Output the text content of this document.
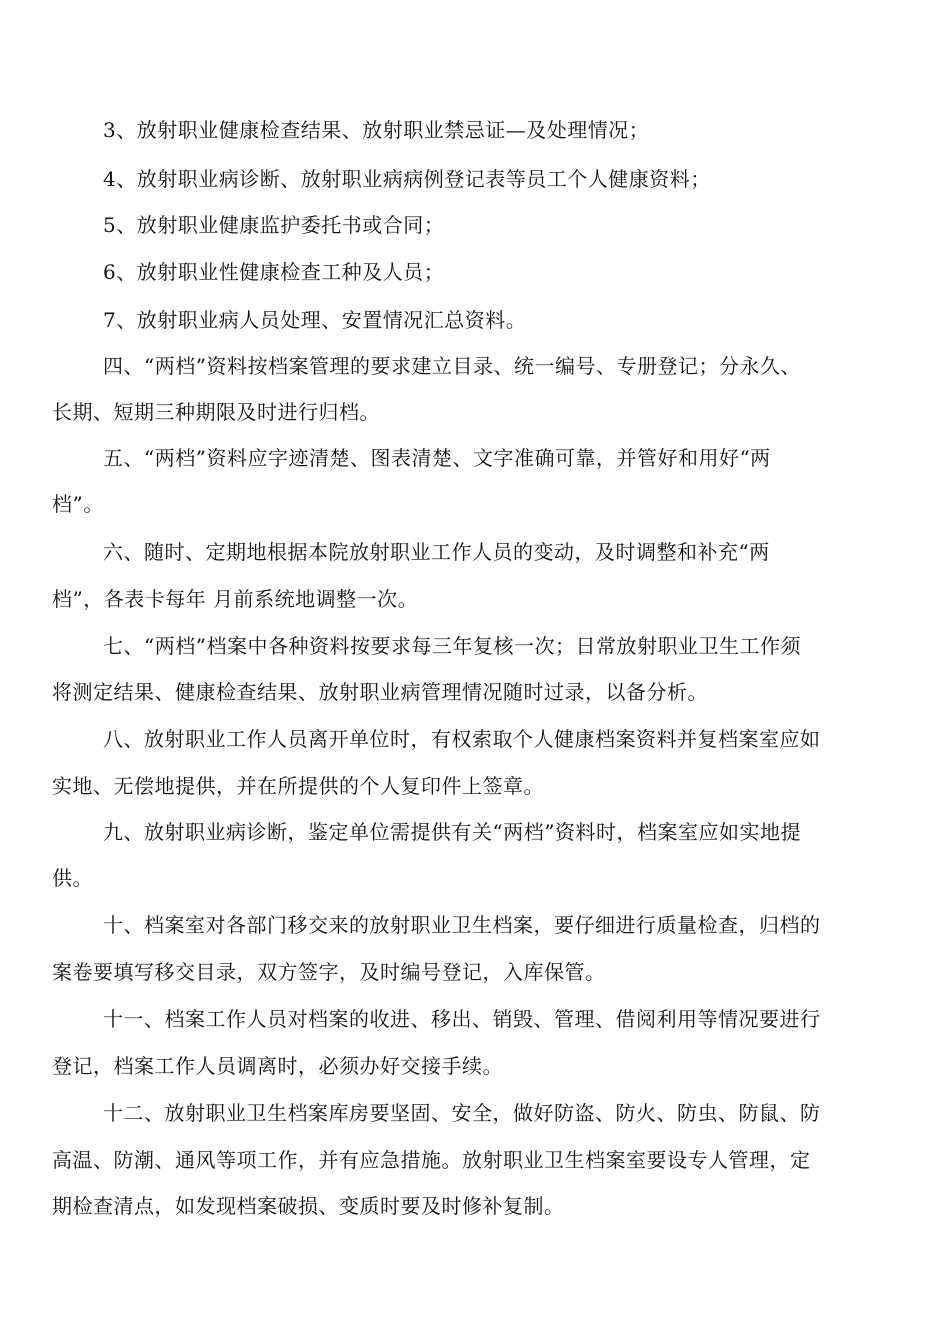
3、放射职业健康检查结果、放射职业禁忌证—及处理情况；
4、放射职业病诊断、放射职业病病例登记表等员工个人健康资料；
5、放射职业健康监护委托书或合同；
6、放射职业性健康检查工种及人员；
7、放射职业病人员处理、安置情况汇总资料。
四、“两档”资料按档案管理的要求建立目录、统一编号、专册登记；分永久、
长期、短期三种期限及时进行归档。
五、“两档”资料应字迹清楚、图表清楚、文字准确可靠，并管好和用好“两
档”。
六、随时、定期地根据本院放射职业工作人员的变动，及时调整和补充“两
档”，各表卡每年 月前系统地调整一次。
七、“两档”档案中各种资料按要求每三年复核一次；日常放射职业卫生工作须
将测定结果、健康检查结果、放射职业病管理情况随时过录，以备分析。
八、放射职业工作人员离开单位时，有权索取个人健康档案资料并复档案室应如
实地、无偿地提供，并在所提供的个人复印件上签章。
九、放射职业病诊断，鉴定单位需提供有关“两档”资料时，档案室应如实地提
供。
十、档案室对各部门移交来的放射职业卫生档案，要仔细进行质量检查，归档的
案卷要填写移交目录，双方签字，及时编号登记，入库保管。
十一、档案工作人员对档案的收进、移出、销毁、管理、借阅利用等情况要进行
登记，档案工作人员调离时，必须办好交接手续。
十二、放射职业卫生档案库房要坚固、安全，做好防盗、防火、防虫、防鼠、防
高温、防潮、通风等项工作，并有应急措施。放射职业卫生档案室要设专人管理，定
期检查清点，如发现档案破损、变质时要及时修补复制。
